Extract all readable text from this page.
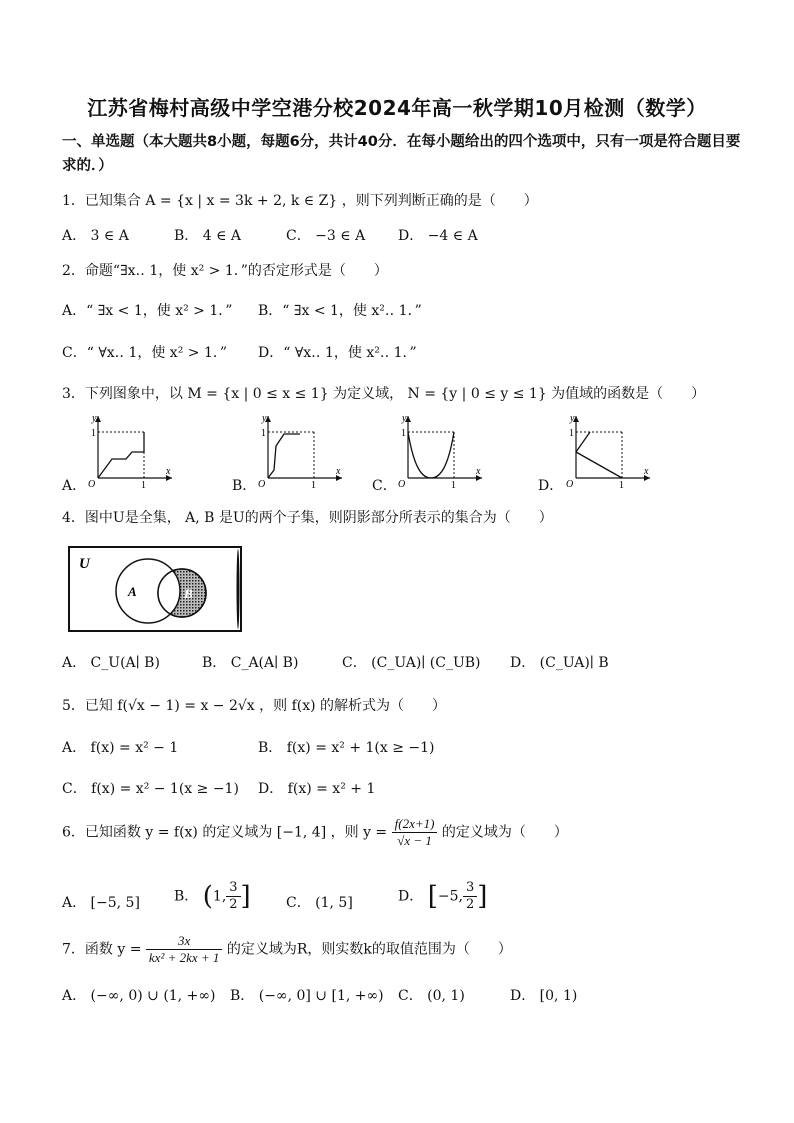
江苏省梅村高级中学空港分校2024年高一秋学期10月检测（数学）
一、单选题（本大题共8小题，每题6分，共计40分．在每小题给出的四个选项中，只有一项是符合题目要求的．）
1．已知集合 A = {x | x = 3k + 2, k ∈ Z} ，则下列判断正确的是（　　）
A． 3 ∈ A	B． 4 ∈ A	C． −3 ∈ A D． −4 ∈ A
2．命题“∃x‥ 1，使 x² > 1．”的否定形式是（　　）
A．“ ∃x < 1，使 x² > 1．” B．“ ∃x < 1，使 x²‥ 1．”
C．“ ∀x‥ 1，使 x² > 1．” D．“ ∀x‥ 1，使 x²‥ 1．”
3．下列图象中，以 M = {x | 0 ≤ x ≤ 1} 为定义域， N = {y | 0 ≤ y ≤ 1} 为值域的函数是（　　）
A．
y
1
O	1
x
B．
y
1
O	1
x
C．
y
1
O	1
x
D．
y
1
O	1
x
4．图中U是全集， A, B 是U的两个子集，则阴影部分所表示的集合为（　　）
U
A	B
A． C_U(A∣ B)	B． C_A(A∣ B)	C． (C_UA)∣ (C_UB) D． (C_UA)∣ B
5．已知 f(√x − 1) = x − 2√x ，则 f(x) 的解析式为（　　）
A． f(x) = x² − 1	B． f(x) = x² + 1(x ≥ −1)
C． f(x) = x² − 1(x ≥ −1) D． f(x) = x² + 1
6．已知函数 y = f(x) 的定义域为 [−1, 4] ，则 $y = \frac{f(2x+1)}{√x - 1}$ 的定义域为（　　）
A． [−5, 5] B． (1, $\frac{3}{2}$ ]	C． (1, 5]	D． [−5, $\frac{3}{2}$ ]
7．函数 $y = \frac{3x}{\text{kx² + 2kx + 1}}$ 的定义域为R，则实数k的取值范围为（　　）
A． (−∞, 0) ∪ (1, +∞) B． (−∞, 0] ∪ [1, +∞) C． (0, 1)	D． [0, 1)
